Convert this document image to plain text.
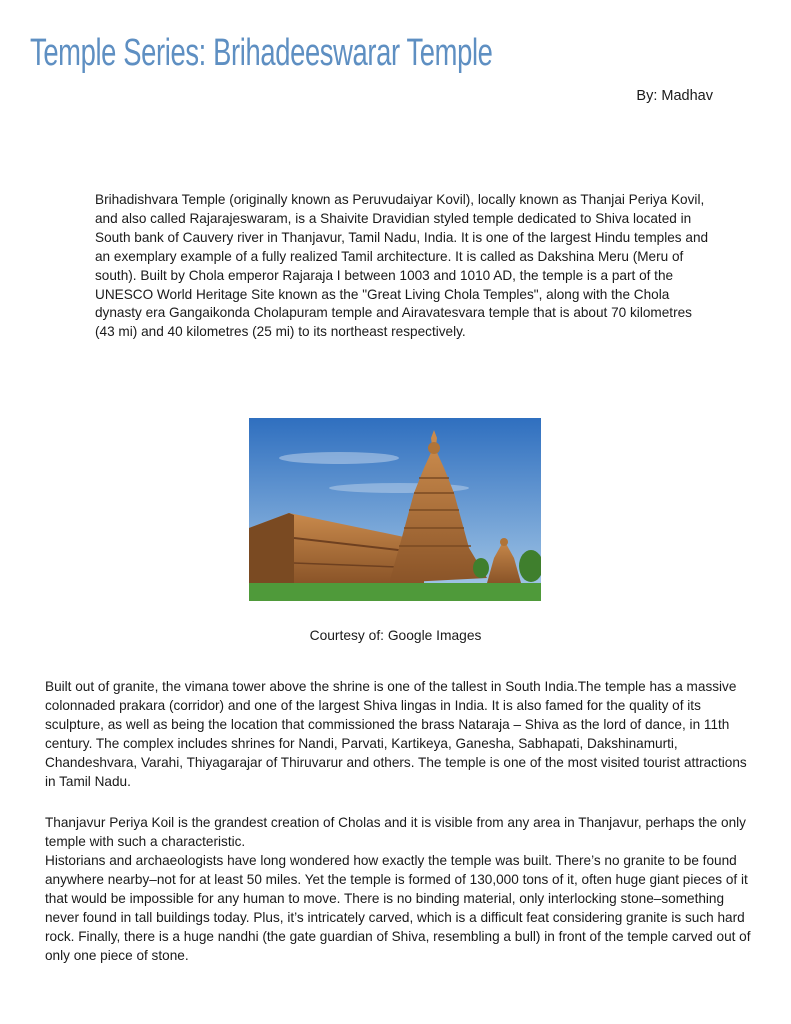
Temple Series: Brihadeeswarar Temple
By: Madhav

Brihadishvara Temple (originally known as Peruvudaiyar Kovil), locally known as Thanjai Periya Kovil, and also called Rajarajeswaram, is a Shaivite Dravidian styled temple dedicated to Shiva located in South bank of Cauvery river in Thanjavur, Tamil Nadu, India. It is one of the largest Hindu temples and an exemplary example of a fully realized Tamil architecture. It is called as Dakshina Meru (Meru of south). Built by Chola emperor Rajaraja I between 1003 and 1010 AD, the temple is a part of the UNESCO World Heritage Site known as the "Great Living Chola Temples", along with the Chola dynasty era Gangaikonda Cholapuram temple and Airavatesvara temple that is about 70 kilometres (43 mi) and 40 kilometres (25 mi) to its northeast respectively.

Courtesy of: Google Images

Built out of granite, the vimana tower above the shrine is one of the tallest in South India.The temple has a massive colonnaded prakara (corridor) and one of the largest Shiva lingas in India. It is also famed for the quality of its sculpture, as well as being the location that commissioned the brass Nataraja – Shiva as the lord of dance, in 11th century. The complex includes shrines for Nandi, Parvati, Kartikeya, Ganesha, Sabhapati, Dakshinamurti, Chandeshvara, Varahi, Thiyagarajar of Thiruvarur and others. The temple is one of the most visited tourist attractions in Tamil Nadu.

Thanjavur Periya Koil is the grandest creation of Cholas and it is visible from any area in Thanjavur, perhaps the only temple with such a characteristic.

Historians and archaeologists have long wondered how exactly the temple was built. There’s no granite to be found anywhere nearby–not for at least 50 miles. Yet the temple is formed of 130,000 tons of it, often huge giant pieces of it that would be impossible for any human to move. There is no binding material, only interlocking stone–something never found in tall buildings today. Plus, it’s intricately carved, which is a difficult feat considering granite is such hard rock. Finally, there is a huge nandhi (the gate guardian of Shiva, resembling a bull) in front of the temple carved out of only one piece of stone.
